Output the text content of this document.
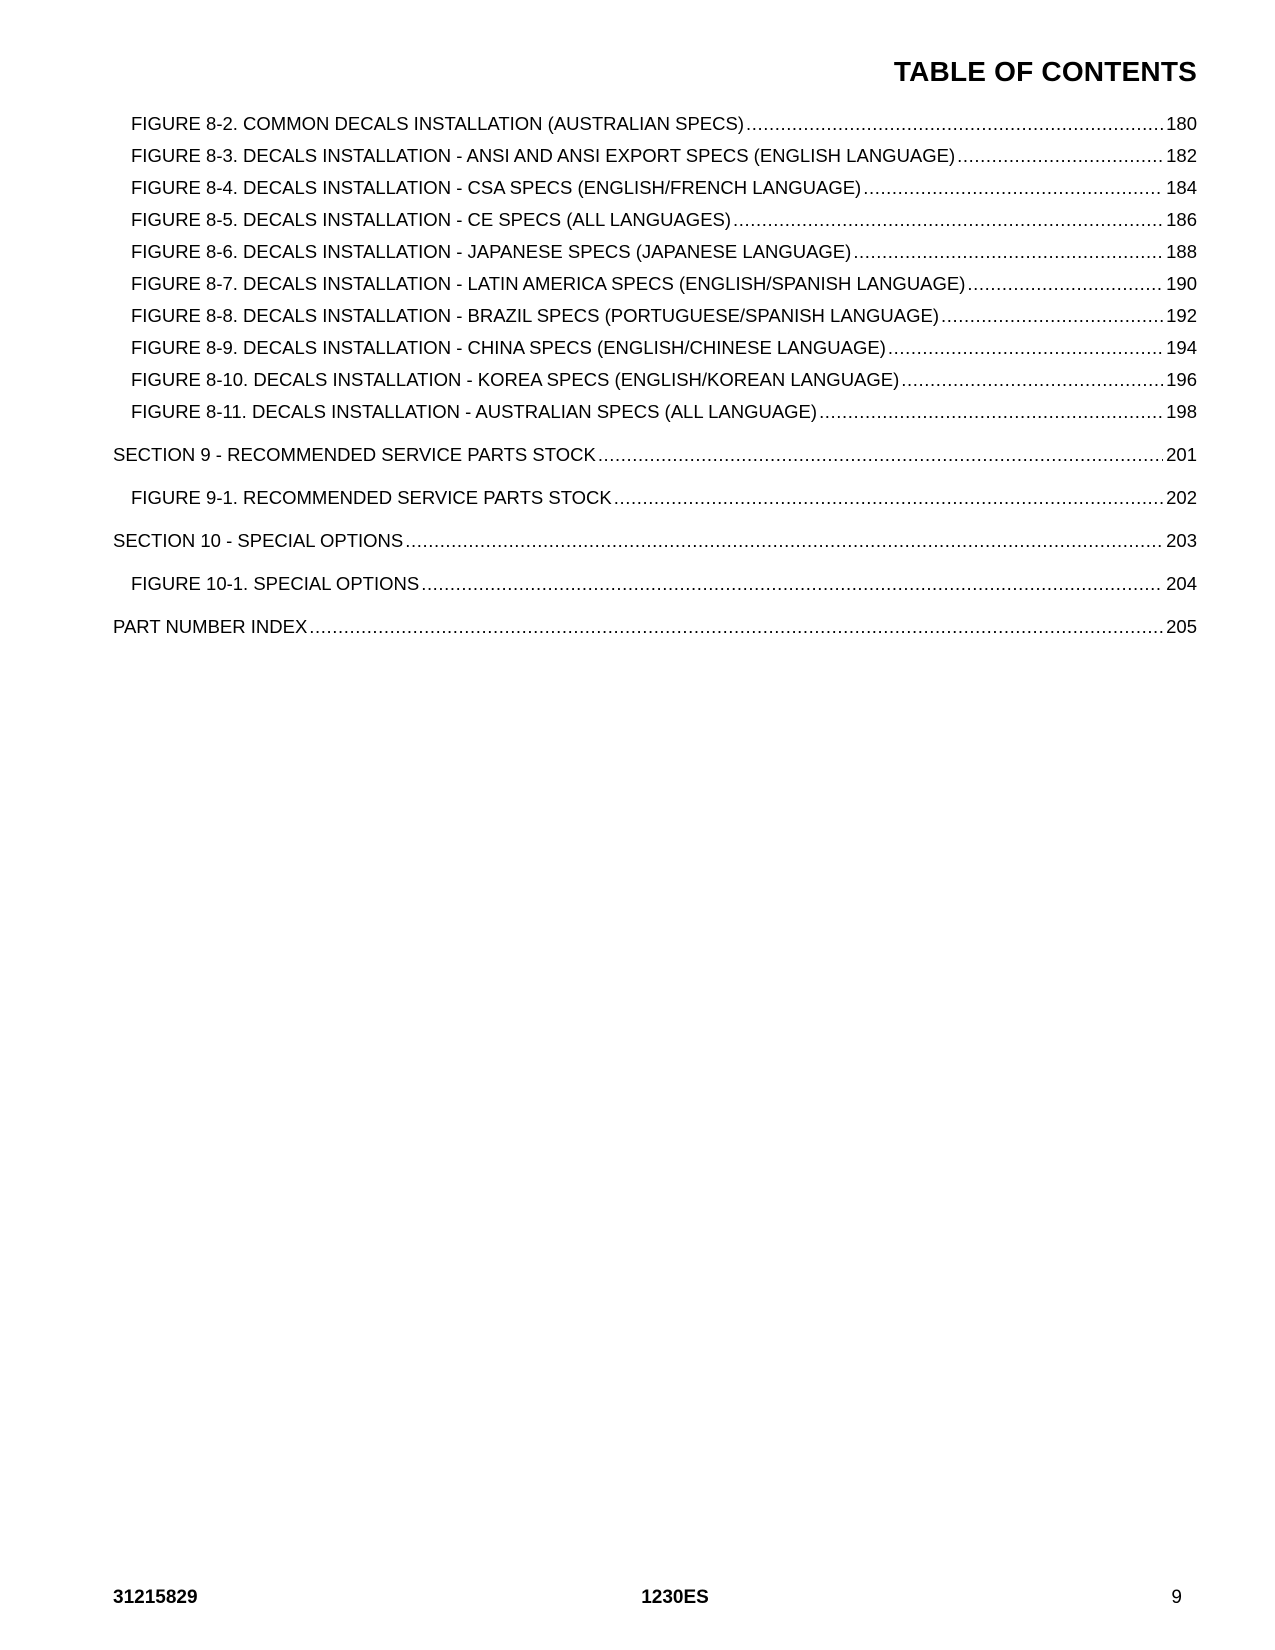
TABLE OF CONTENTS
FIGURE 8-2. COMMON DECALS INSTALLATION (AUSTRALIAN SPECS) .....	180
FIGURE 8-3. DECALS INSTALLATION - ANSI AND ANSI EXPORT SPECS (ENGLISH LANGUAGE) .....	182
FIGURE 8-4. DECALS INSTALLATION - CSA SPECS (ENGLISH/FRENCH LANGUAGE) .....	184
FIGURE 8-5. DECALS INSTALLATION - CE SPECS (ALL LANGUAGES) .....	186
FIGURE 8-6. DECALS INSTALLATION - JAPANESE SPECS (JAPANESE LANGUAGE) .....	188
FIGURE 8-7. DECALS INSTALLATION - LATIN AMERICA SPECS (ENGLISH/SPANISH LANGUAGE) .....	190
FIGURE 8-8. DECALS INSTALLATION - BRAZIL SPECS (PORTUGUESE/SPANISH LANGUAGE) .....	192
FIGURE 8-9. DECALS INSTALLATION - CHINA SPECS (ENGLISH/CHINESE LANGUAGE) .....	194
FIGURE 8-10. DECALS INSTALLATION - KOREA SPECS (ENGLISH/KOREAN LANGUAGE) .....	196
FIGURE 8-11. DECALS INSTALLATION - AUSTRALIAN SPECS (ALL LANGUAGE) .....	198
SECTION 9 - RECOMMENDED SERVICE PARTS STOCK .....	201
FIGURE 9-1. RECOMMENDED SERVICE PARTS STOCK .....	202
SECTION 10 - SPECIAL OPTIONS .....	203
FIGURE 10-1. SPECIAL OPTIONS .....	204
PART NUMBER INDEX .....	205
31215829	1230ES	9
